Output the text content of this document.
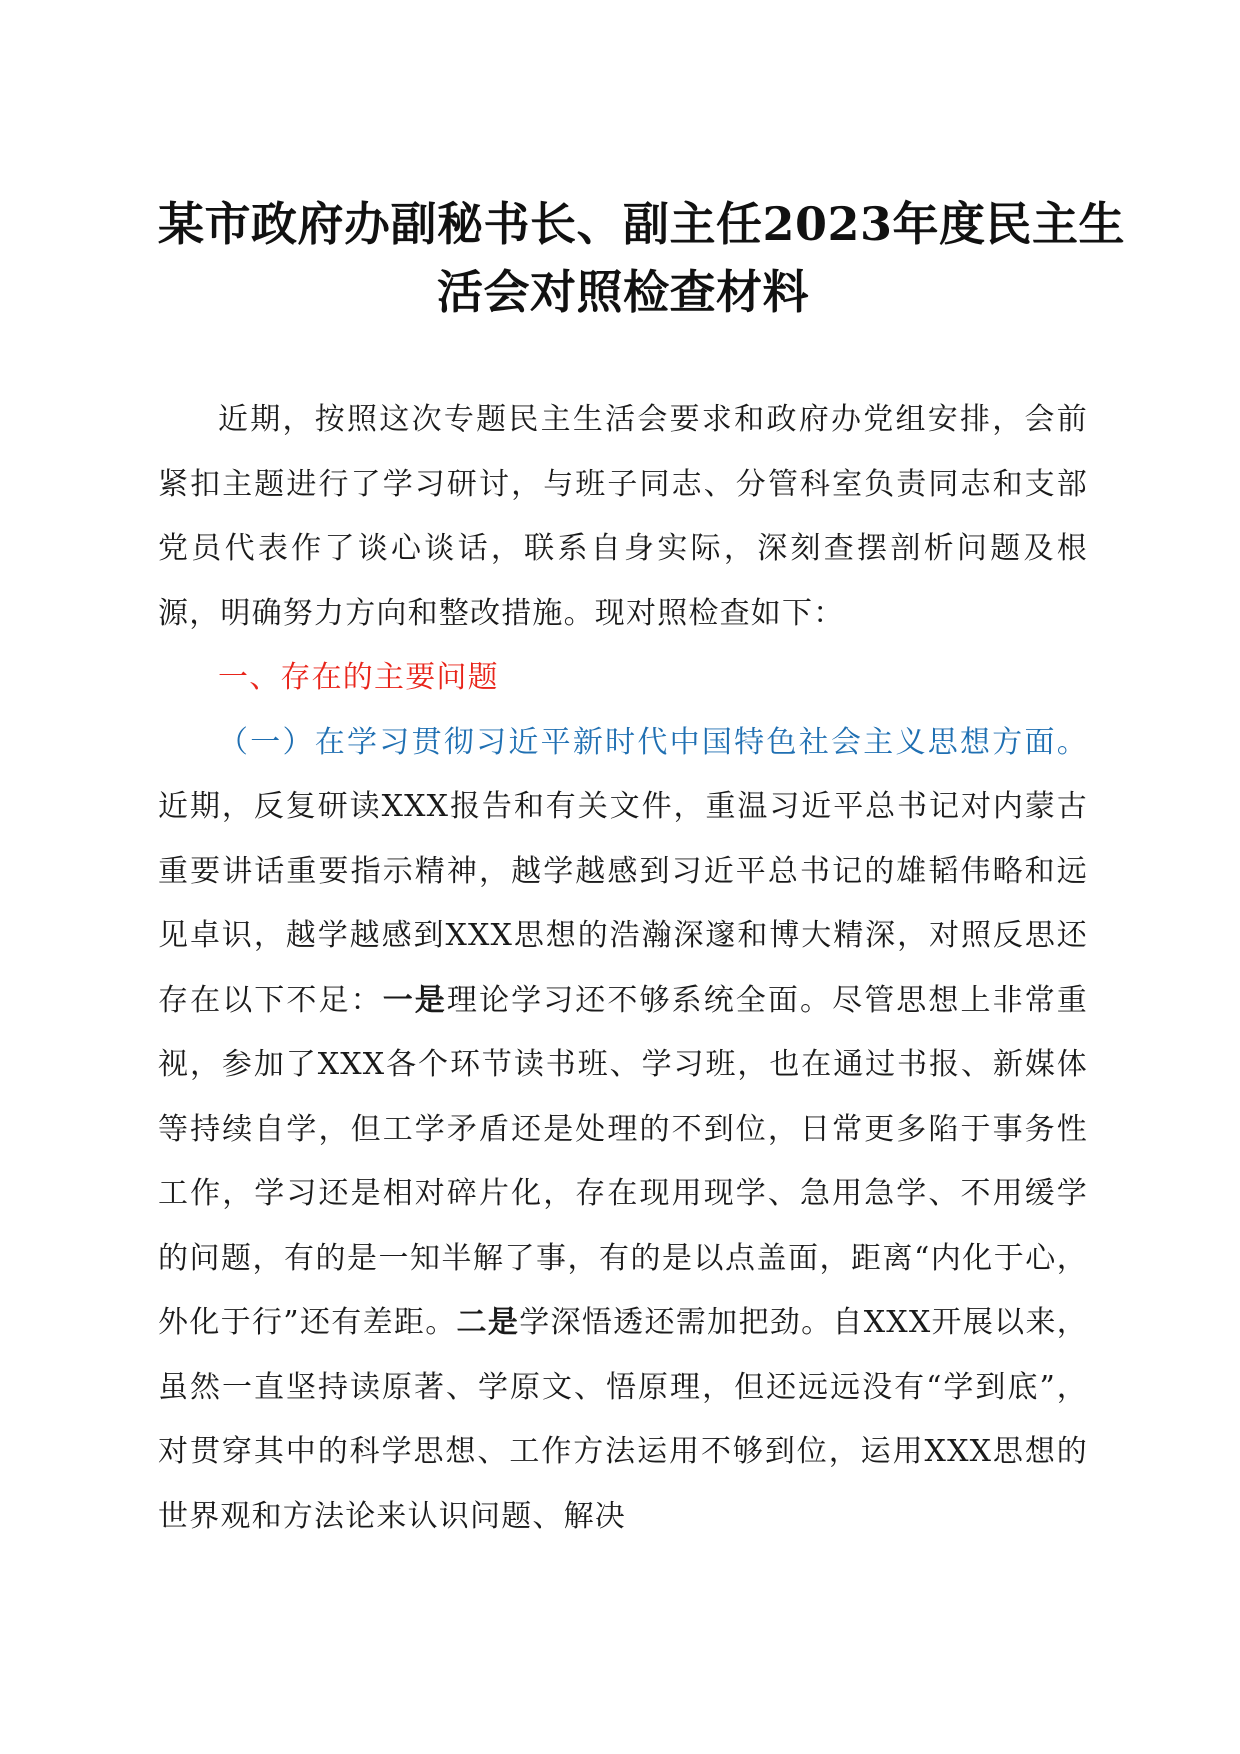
某市政府办副秘书长、副主任2023年度民主生
活会对照检查材料

近期，按照这次专题民主生活会要求和政府办党组安排，会前紧扣主题进行了学习研讨，与班子同志、分管科室负责同志和支部党员代表作了谈心谈话，联系自身实际，深刻查摆剖析问题及根源，明确努力方向和整改措施。现对照检查如下：

一、存在的主要问题

（一）在学习贯彻习近平新时代中国特色社会主义思想方面。近期，反复研读XXX报告和有关文件，重温习近平总书记对内蒙古重要讲话重要指示精神，越学越感到习近平总书记的雄韬伟略和远见卓识，越学越感到XXX思想的浩瀚深邃和博大精深，对照反思还存在以下不足：一是理论学习还不够系统全面。尽管思想上非常重视，参加了XXX各个环节读书班、学习班，也在通过书报、新媒体等持续自学，但工学矛盾还是处理的不到位，日常更多陷于事务性工作，学习还是相对碎片化，存在现用现学、急用急学、不用缓学的问题，有的是一知半解了事，有的是以点盖面，距离“内化于心，外化于行”还有差距。二是学深悟透还需加把劲。自XXX开展以来，虽然一直坚持读原著、学原文、悟原理，但还远远没有“学到底”，对贯穿其中的科学思想、工作方法运用不够到位，运用XXX思想的世界观和方法论来认识问题、解决
